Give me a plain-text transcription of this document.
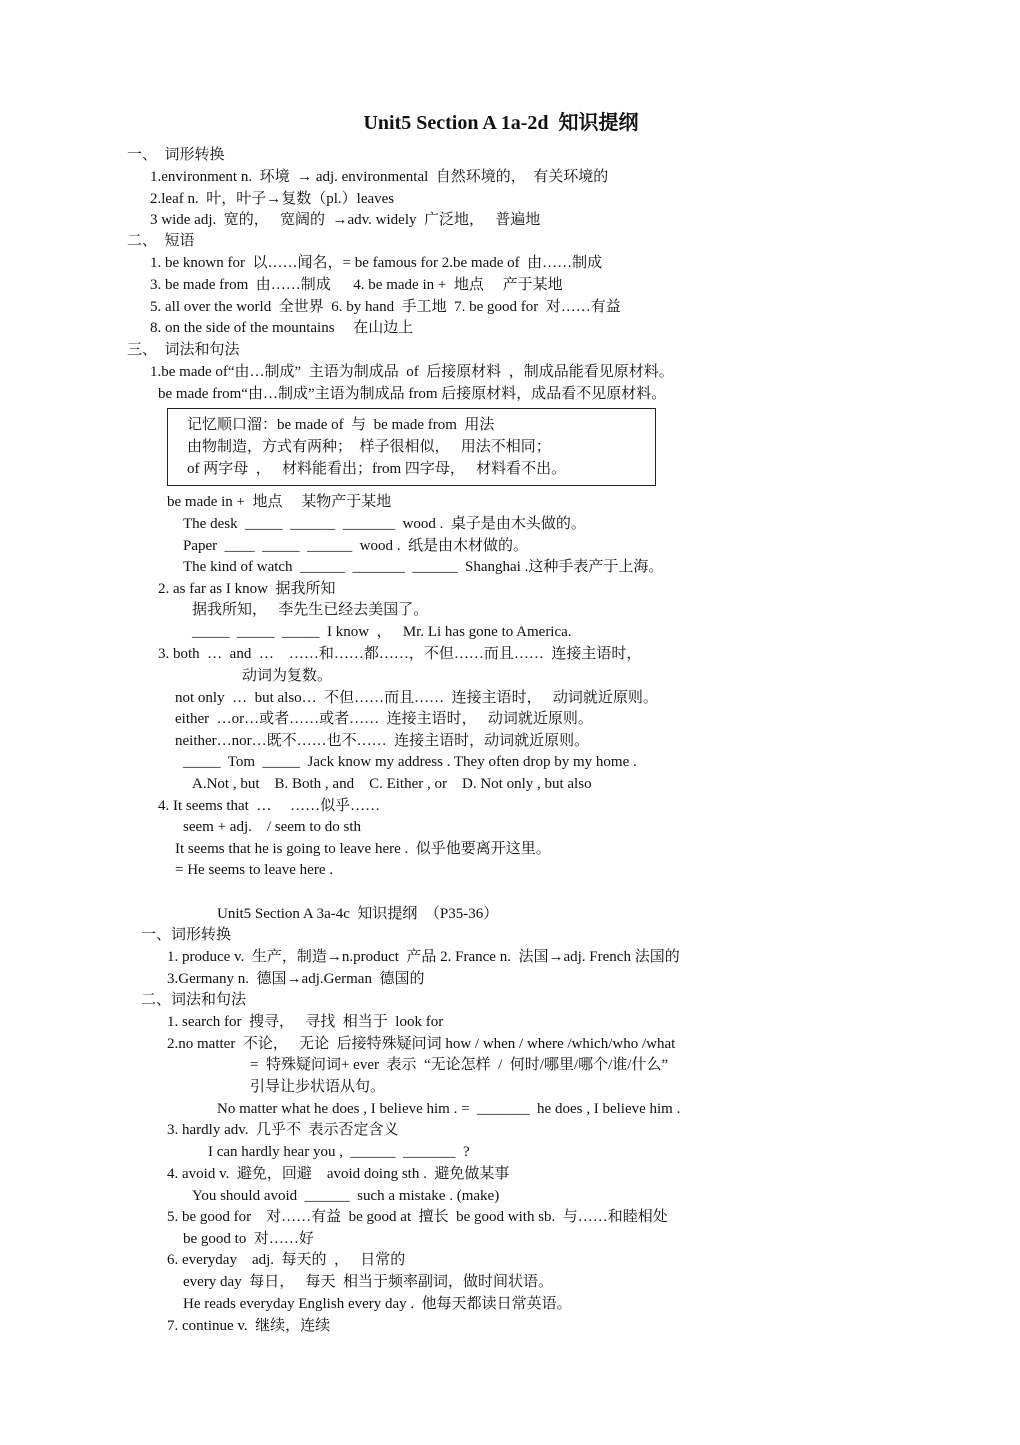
Unit5 Section A 1a-2d  知识提纲
一、  词形转换
1.environment n.  环境  → adj. environmental  自然环境的，  有关环境的
2.leaf n.  叶，叶子→复数（pl.）leaves
3 wide adj.  宽的，   宽阔的  →adv. widely  广泛地，   普遍地
二、  短语
1. be known for  以……闻名，= be famous for 2.be made of  由……制成
3. be made from  由……制成      4. be made in +  地点     产于某地
5. all over the world  全世界  6. by hand  手工地  7. be good for  对……有益
8. on the side of the mountains     在山边上
三、  词法和句法
1.be made of“由…制成”  主语为制成品  of  后接原材料  ，制成品能看见原材料。
be made from“由…制成”主语为制成品 from 后接原材料，成品看不见原材料。
记忆顺口溜：be made of  与  be made from  用法
由物制造，方式有两种；  样子很相似，   用法不相同；
of 两字母  ，   材料能看出；from 四字母，   材料看不出。
be made in +  地点     某物产于某地
The desk  _____  ______  _______  wood .  桌子是由木头做的。
Paper  ____  _____  ______  wood .  纸是由木材做的。
The kind of watch  ______  _______  ______  Shanghai .这种手表产于上海。
2. as far as I know  据我所知
据我所知，   李先生已经去美国了。
_____  _____  _____  I know  ，   Mr. Li has gone to America.
3. both  …  and  …    ……和……都……，不但……而且……  连接主语时，
动词为复数。
not only  …  but also…  不但……而且……  连接主语时，   动词就近原则。
either  …or…或者……或者……  连接主语时，   动词就近原则。
neither…nor…既不……也不……  连接主语时，动词就近原则。
_____  Tom  _____  Jack know my address . They often drop by my home .
A.Not , but    B. Both , and    C. Either , or    D. Not only , but also
4. It seems that  …     ……似乎……
seem + adj.    / seem to do sth
It seems that he is going to leave here .  似乎他要离开这里。
= He seems to leave here .
Unit5 Section A 3a-4c  知识提纲  （P35-36）
一、词形转换
1. produce v.  生产，制造→n.product  产品 2. France n.  法国→adj. French 法国的
3.Germany n.  德国→adj.German  德国的
二、词法和句法
1. search for  搜寻，   寻找  相当于  look for
2.no matter  不论，   无论  后接特殊疑问词 how / when / where /which/who /what
=  特殊疑问词+ ever  表示  “无论怎样  /  何时/哪里/哪个/谁/什么”
引导让步状语从句。
No matter what he does , I believe him . =  _______  he does , I believe him .
3. hardly adv.  几乎不  表示否定含义
I can hardly hear you ,  ______  _______  ?
4. avoid v.  避免，回避    avoid doing sth .  避免做某事
You should avoid  ______  such a mistake . (make)
5. be good for    对……有益  be good at  擅长  be good with sb.  与……和睦相处
be good to  对……好
6. everyday    adj.  每天的  ，   日常的
every day  每日，   每天  相当于频率副词，做时间状语。
He reads everyday English every day .  他每天都读日常英语。
7. continue v.  继续，连续
